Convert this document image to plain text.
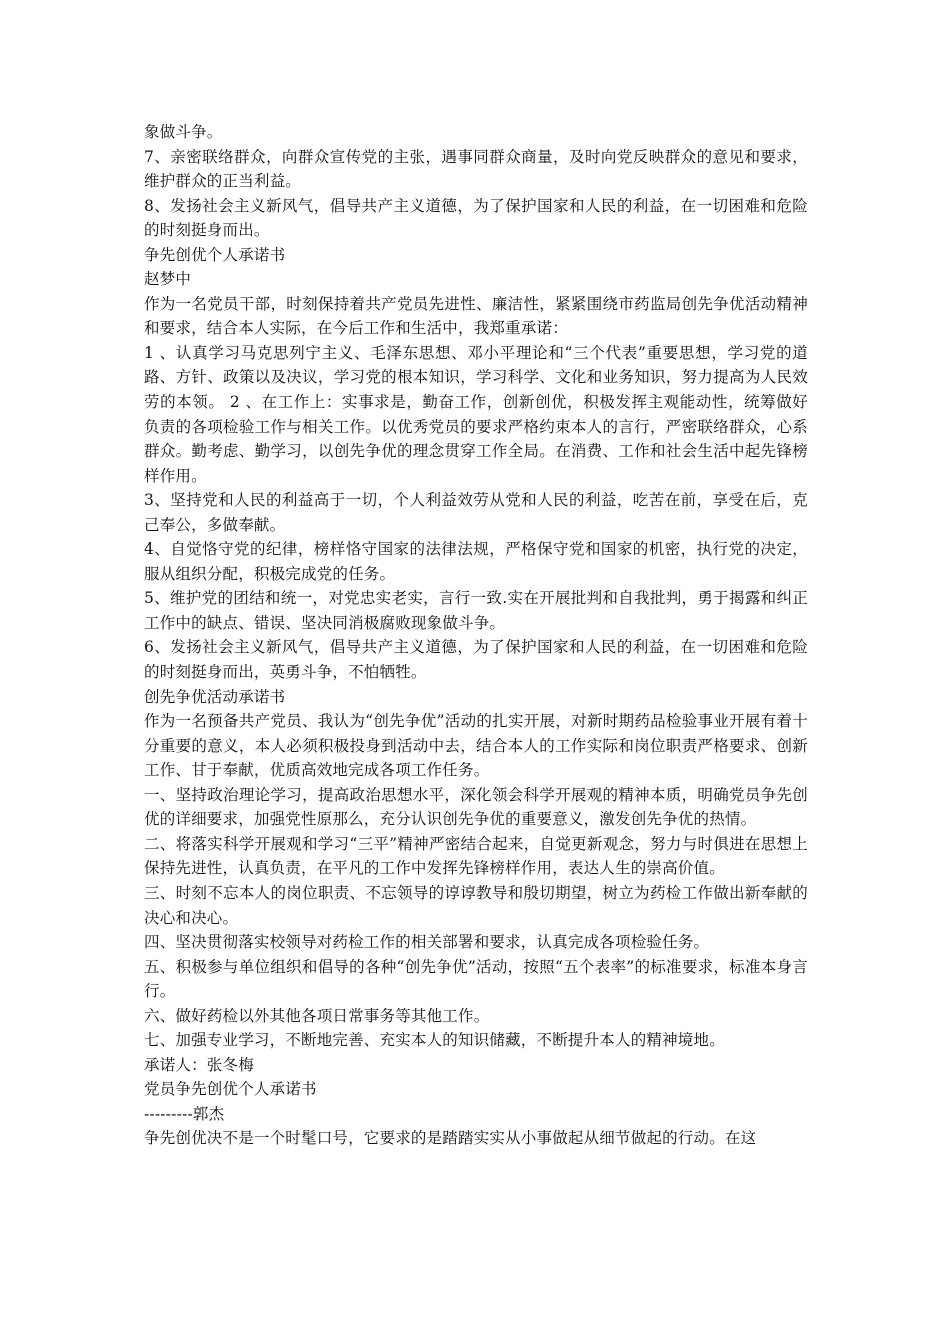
象做斗争。

7、亲密联络群众，向群众宣传党的主张，遇事同群众商量，及时向党反映群众的意见和要求，维护群众的正当利益。

8、发扬社会主义新风气，倡导共产主义道德，为了保护国家和人民的利益，在一切困难和危险的时刻挺身而出。

争先创优个人承诺书

赵梦中

作为一名党员干部，时刻保持着共产党员先进性、廉洁性，紧紧围绕市药监局创先争优活动精神和要求，结合本人实际，在今后工作和生活中，我郑重承诺：

1 、认真学习马克思列宁主义、毛泽东思想、邓小平理论和“三个代表”重要思想，学习党的道路、方针、政策以及决议，学习党的根本知识，学习科学、文化和业务知识，努力提高为人民效劳的本领。 2 、在工作上：实事求是，勤奋工作，创新创优，积极发挥主观能动性，统筹做好负责的各项检验工作与相关工作。以优秀党员的要求严格约束本人的言行，严密联络群众，心系群众。勤考虑、勤学习，以创先争优的理念贯穿工作全局。在消费、工作和社会生活中起先锋榜样作用。

3、坚持党和人民的利益高于一切，个人利益效劳从党和人民的利益，吃苦在前，享受在后，克己奉公，多做奉献。

4、自觉恪守党的纪律，榜样恪守国家的法律法规，严格保守党和国家的机密，执行党的决定，服从组织分配，积极完成党的任务。

5、维护党的团结和统一，对党忠实老实，言行一致.实在开展批判和自我批判，勇于揭露和纠正工作中的缺点、错误、坚决同消极腐败现象做斗争。

6、发扬社会主义新风气，倡导共产主义道德，为了保护国家和人民的利益，在一切困难和危险的时刻挺身而出，英勇斗争，不怕牺牲。

创先争优活动承诺书

作为一名预备共产党员、我认为“创先争优”活动的扎实开展，对新时期药品检验事业开展有着十分重要的意义，本人必须积极投身到活动中去，结合本人的工作实际和岗位职责严格要求、创新工作、甘于奉献，优质高效地完成各项工作任务。

一、坚持政治理论学习，提高政治思想水平，深化领会科学开展观的精神本质，明确党员争先创优的详细要求，加强党性原那么，充分认识创先争优的重要意义，激发创先争优的热情。

二、将落实科学开展观和学习“三平”精神严密结合起来，自觉更新观念，努力与时俱进在思想上保持先进性，认真负责，在平凡的工作中发挥先锋榜样作用，表达人生的崇高价值。

三、时刻不忘本人的岗位职责、不忘领导的谆谆教导和殷切期望，树立为药检工作做出新奉献的决心和决心。

四、坚决贯彻落实校领导对药检工作的相关部署和要求，认真完成各项检验任务。

五、积极参与单位组织和倡导的各种“创先争优”活动，按照“五个表率”的标准要求，标准本身言行。

六、做好药检以外其他各项日常事务等其他工作。

七、加强专业学习，不断地完善、充实本人的知识储藏，不断提升本人的精神境地。

承诺人：张冬梅

党员争先创优个人承诺书

---------郭杰

争先创优决不是一个时髦口号，它要求的是踏踏实实从小事做起从细节做起的行动。在这
